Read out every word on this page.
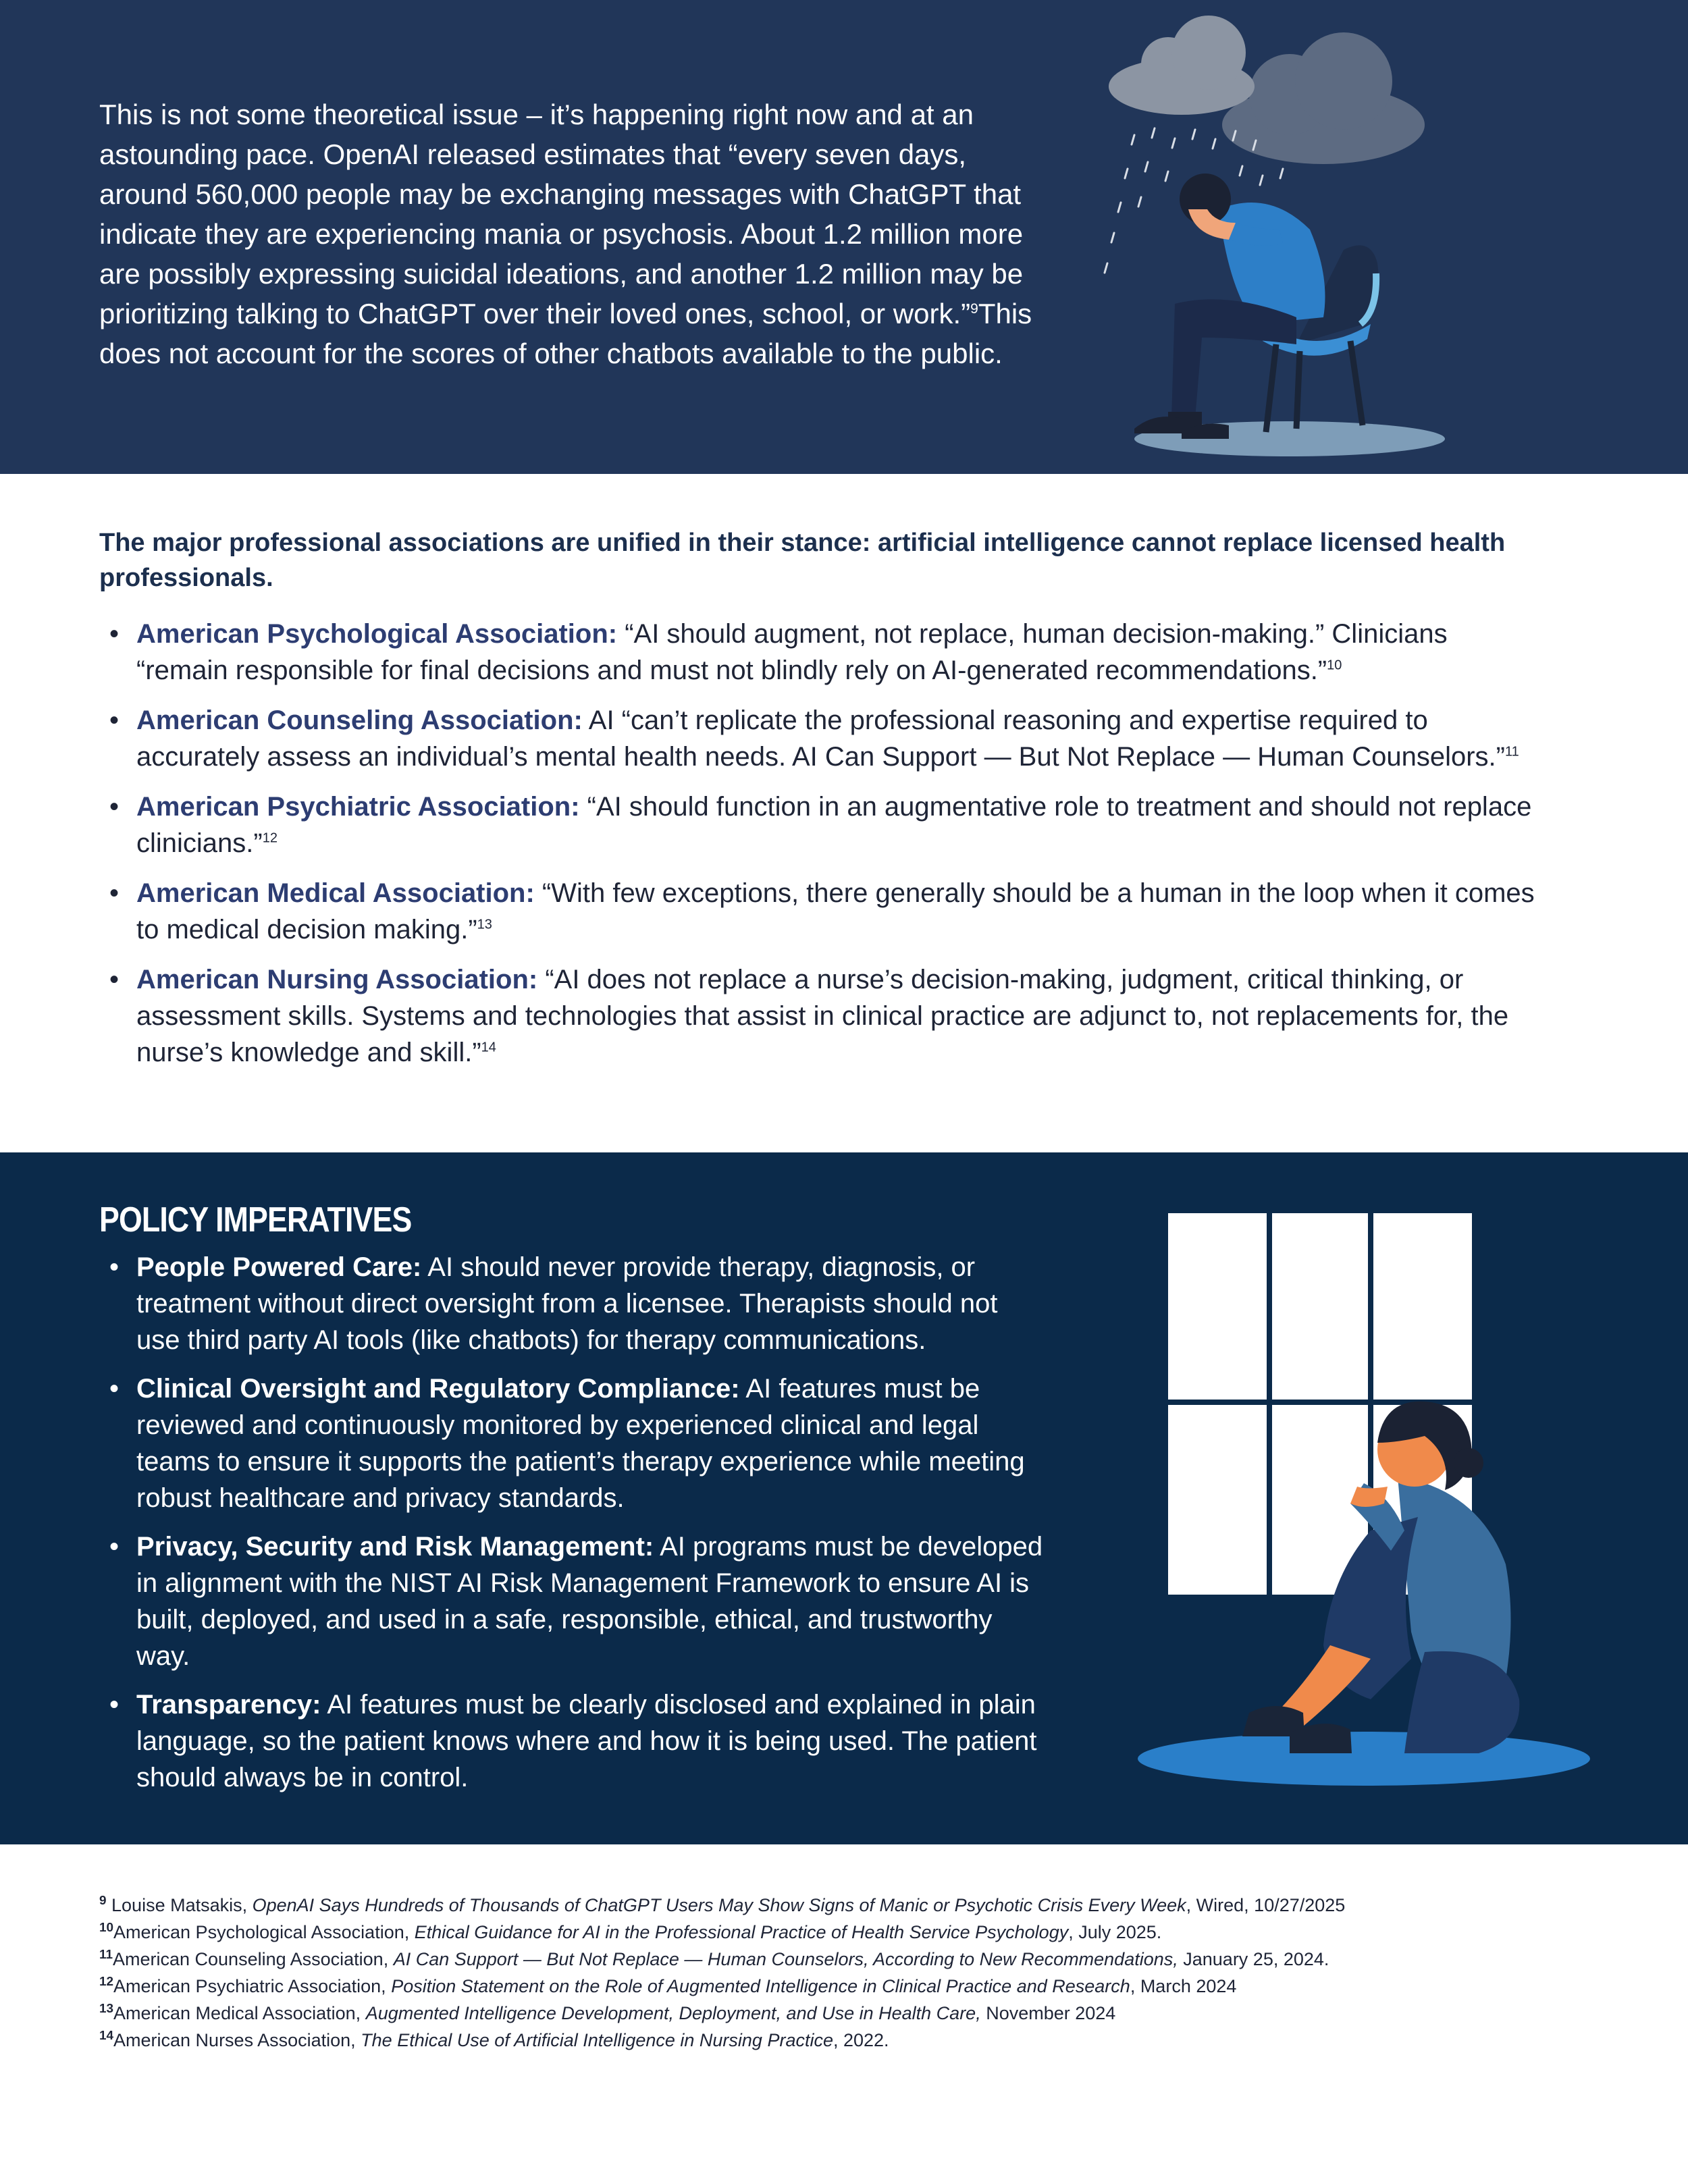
This is not some theoretical issue – it’s happening right now and at an astounding pace. OpenAI released estimates that “every seven days, around 560,000 people may be exchanging messages with ChatGPT that indicate they are experiencing mania or psychosis. About 1.2 million more are possibly expressing suicidal ideations, and another 1.2 million may be prioritizing talking to ChatGPT over their loved ones, school, or work.”$^9$This does not account for the scores of other chatbots available to the public.

The major professional associations are unified in their stance: artificial intelligence cannot replace licensed health professionals.

• American Psychological Association: “AI should augment, not replace, human decision-making.” Clinicians “remain responsible for final decisions and must not blindly rely on AI-generated recommendations.”$^{10}$
• American Counseling Association: AI “can’t replicate the professional reasoning and expertise required to accurately assess an individual’s mental health needs. AI Can Support — But Not Replace — Human Counselors.”$^{11}$
• American Psychiatric Association: “AI should function in an augmentative role to treatment and should not replace clinicians.”$^{12}$
• American Medical Association: “With few exceptions, there generally should be a human in the loop when it comes to medical decision making.”$^{13}$
• American Nursing Association: “AI does not replace a nurse’s decision-making, judgment, critical thinking, or assessment skills. Systems and technologies that assist in clinical practice are adjunct to, not replacements for, the nurse’s knowledge and skill.”$^{14}$
POLICY IMPERATIVES
• People Powered Care: AI should never provide therapy, diagnosis, or treatment without direct oversight from a licensee. Therapists should not use third party AI tools (like chatbots) for therapy communications.
• Clinical Oversight and Regulatory Compliance: AI features must be reviewed and continuously monitored by experienced clinical and legal teams to ensure it supports the patient’s therapy experience while meeting robust healthcare and privacy standards.
• Privacy, Security and Risk Management: AI programs must be developed in alignment with the NIST AI Risk Management Framework to ensure AI is built, deployed, and used in a safe, responsible, ethical, and trustworthy way.
• Transparency: AI features must be clearly disclosed and explained in plain language, so the patient knows where and how it is being used. The patient should always be in control.
$^9$ Louise Matsakis, OpenAI Says Hundreds of Thousands of ChatGPT Users May Show Signs of Manic or Psychotic Crisis Every Week, Wired, 10/27/2025
$^{10}$American Psychological Association, Ethical Guidance for AI in the Professional Practice of Health Service Psychology, July 2025.
$^{11}$American Counseling Association, AI Can Support — But Not Replace — Human Counselors, According to New Recommendations, January 25, 2024.
$^{12}$American Psychiatric Association, Position Statement on the Role of Augmented Intelligence in Clinical Practice and Research, March 2024
$^{13}$American Medical Association, Augmented Intelligence Development, Deployment, and Use in Health Care, November 2024
$^{14}$American Nurses Association, The Ethical Use of Artificial Intelligence in Nursing Practice, 2022.
